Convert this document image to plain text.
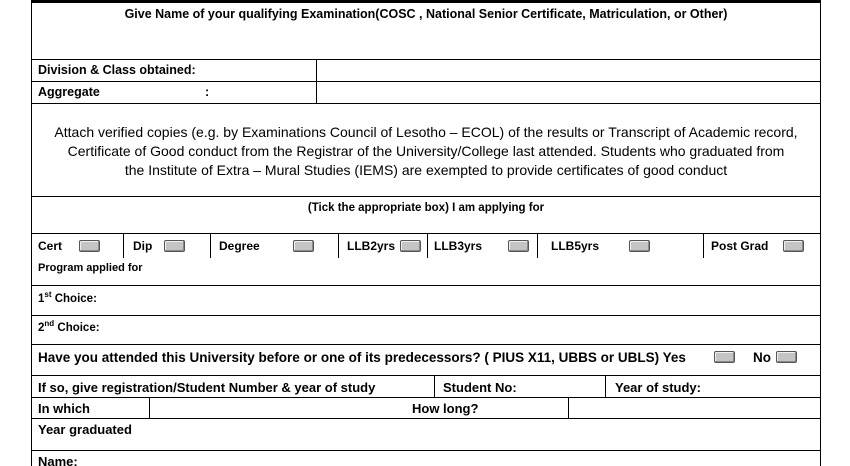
Give Name of your qualifying Examination(COSC , National Senior Certificate, Matriculation, or Other)
Division & Class obtained:
Aggregate	:
Attach verified copies (e.g. by Examinations Council of Lesotho – ECOL) of the results or Transcript of Academic record,
Certificate of Good conduct from the Registrar of the University/College last attended. Students who graduated from
the Institute of Extra – Mural Studies (IEMS) are exempted to provide certificates of good conduct
(Tick the appropriate box) I am applying for
Cert	Dip	Degree	LLB2yrs	LLB3yrs	LLB5yrs	Post Grad
Program applied for
1st Choice:
2nd Choice:
Have you attended this University before or one of its predecessors? ( PIUS X11, UBBS or UBLS) Yes	No
If so, give registration/Student Number & year of study	Student No:	Year of study:
In which	How long?
Year graduated
Name:
